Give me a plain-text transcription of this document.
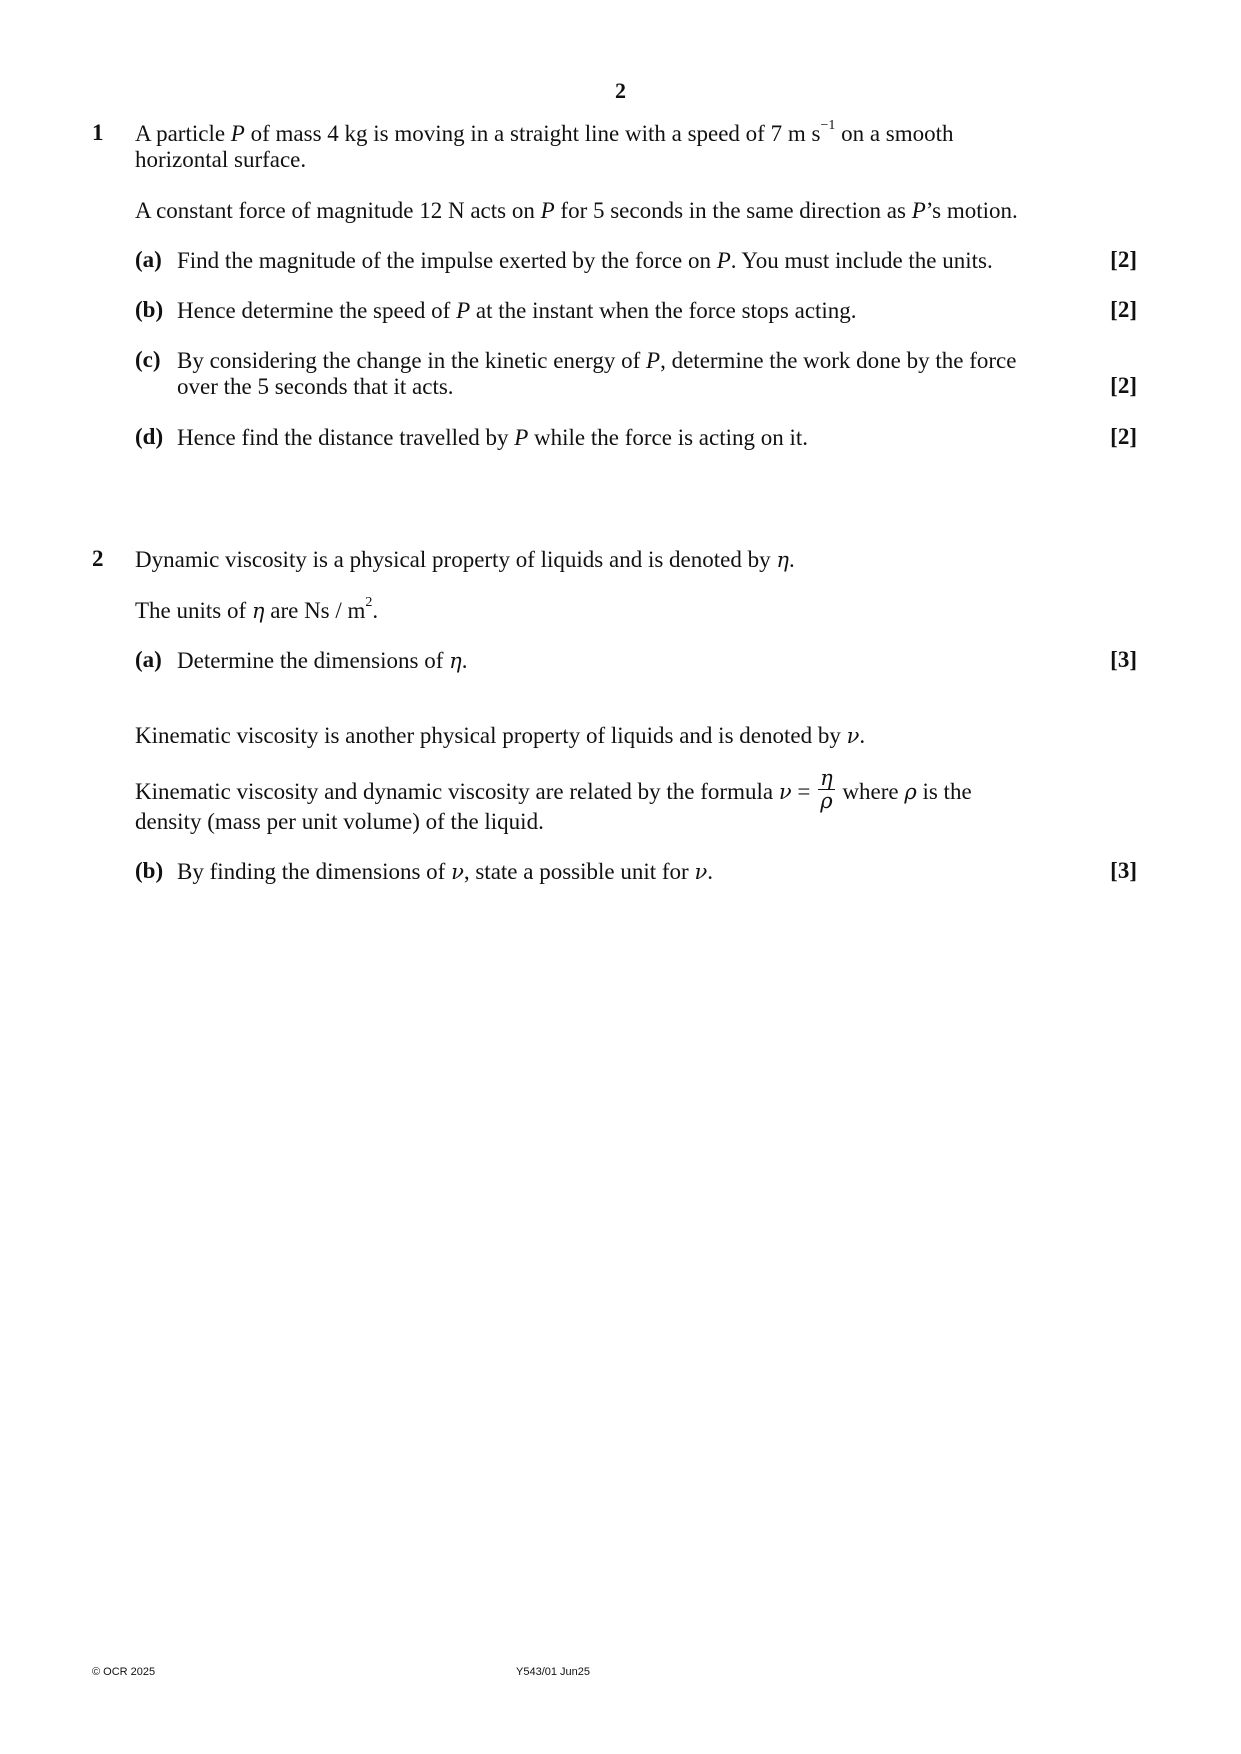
2
1 A particle P of mass 4 kg is moving in a straight line with a speed of 7 m $s^{-1}$ on a smooth
horizontal surface.
A constant force of magnitude 12 N acts on P for 5 seconds in the same direction as P’s motion.
(a) Find the magnitude of the impulse exerted by the force on P. You must include the units.	[2]
(b) Hence determine the speed of P at the instant when the force stops acting.	[2]
(c) By considering the change in the kinetic energy of P, determine the work done by the force
over the 5 seconds that it acts.	[2]
(d) Hence find the distance travelled by P while the force is acting on it.	[2]
2 Dynamic viscosity is a physical property of liquids and is denoted by η.
The units of η are Ns / $m^2$.
(a) Determine the dimensions of η.	[3]
Kinematic viscosity is another physical property of liquids and is denoted by ν.
Kinematic viscosity and dynamic viscosity are related by the formula $\nu = \frac{\eta}{\rho}$ where ρ is the
density (mass per unit volume) of the liquid.
(b) By finding the dimensions of ν, state a possible unit for ν.	[3]
© OCR 2025	Y543/01 Jun25
